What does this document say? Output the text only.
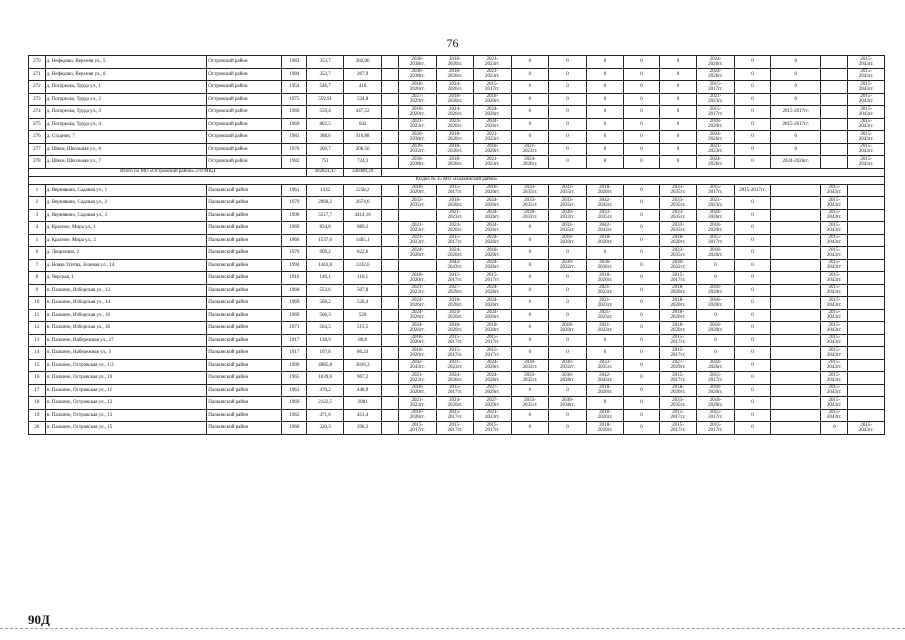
76
270	д. Нефедово, Верхняя ул., 5	Островский район	1983	353,7	282,96		2036-
2038гг.	2018-
2020гг.	2021-
2023гг.	0	0	0	0	0	2024-
2026гг.	0	0		2015-
2043гг.
271	д. Нефедово, Верхняя ул., 8	Островский район	1984	353,7	267,9		2036-
2038гг.	2018-
2020гг.	2021-
2023гг.	0	0	0	0	0	2024-
2026гг.	0	0		2015-
2043гг.
272	д. Погорелка, Труда ул., 1	Островский район	1954	546,7	410		2018-
2020гг.	2024-
2026гг.	2015-
2017гг.	0	0	0	0	0	2015-
2017гг.	0	0		2015-
2043гг.
273	д. Погорелка, Труда ул., 2	Островский район	1975	559,91	524,8		2027-
2029гг.	2018-
2020гг.	2018-
2020гг.	0	0	0	0	0	2021-
2023гг.	0	0		2015-
2043гг.
274	д. Погорелка, Труда ул., 3	Островский район	1969	559,4	447,52		2018-
2020гг.	2024-
2026гг.	2024-
2026гг.	0	0	0	0	0	2015-
2017гг.	0	2015-2017гг.		2015-
2043гг.
275	д. Погорелка, Труда ул., 4	Островский район	1969	802,5	642		2021-
2023гг.	2024-
2026гг.	2024-
2026гг.	0	0	0	0	0	2018-
2020гг.	0	2015-2017гг.		2015-
2043гг.
276	д. Стадник, 7	Островский район	1983	388,6	310,88		2036-
2038гг.	2018-
2020гг.	2021-
2023гг.	0	0	0	0	0	2024-
2026гг.	0	0		2015-
2043гг.
277	д. Шики, Школьная ул., 6	Островский район	1976	260,7	208,56		2030-
2032гг.	2018-
2020гг.	2018-
2020гг.	2021-
2023гг.	0	0	0	0	2021-
2023гг.	0	0		2015-
2043гг.
278	д. Шики, Школьная ул., 7	Островский район	1982	751	724,3		2036-
2038гг.	2018-
2020гг.	2021-
2023гг.	2024-
2026гг.	0	0	0	0	2024-
2026гг.	0	2024-2026гг.		2015-
2043гг.
Итого по МО «Островский район» 278 МКД				402831,47	346980,29														
Раздел № 15 МО «Палкинский район»																			
1	д. Вернявино, Садовая ул., 1	Палкинский район	1961	1332	1258,2		2018-
2020гг.	2015-
2017гг.	2018-
2020гг.	2033-
2035гг.	2033-
2035гг.	2018-
2020гг.	0	2033-
2035гг.	2015-
2017гг.	2015-2017гг.		2015-
2043гг.	
2	д. Вернявино, Садовая ул., 2	Палкинский район	1979	2960,2	2674,6		2033-
2035гг.	2018-
2020гг.	2024-
2026гг.	2033-
2035гг.	2033-
2035гг.	2042-
2043гг.	0	2033-
2035гг.	2021-
2023гг.	0		2015-
2043гг.	
3	д. Вернявино, Садовая ул., 3	Палкинский район	1990	5517,7	4414,16			2021-
2023гг.	2024-
2026гг.	2030-
2032гг.	2030-
2032гг.	2033-
2035гг.	0	2033-
2035гг.	2024-
2026гг.	0		2015-
2043гг.	
4	д. Красное, Мира ул., 1	Палкинский район	1969	834,8	689,2		2021-
2023гг.	2024-
2026гг.	2024-
2026гг.	0	2033-
2035гг.	2042-
2043гг.	0	2033-
2035гг.	2018-
2020гг.	0		2015-
2043гг.	
5	д. Красное, Мира ул., 2	Палкинский район	1966	1537,6	1405,1		2021-
2023гг.	2015-
2017гг.	2024-
2026гг.	0	2018-
2020гг.	2018-
2020гг.	0	2018-
2020гг.	2015-
2017гг.	0		2015-
2043гг.	
6	д. Лещихино, 2	Палкинский район	1970	669,2	622,6		2024-
2026гг.	2024-
2026гг.	2018-
2020гг.	0	0	0	0	2033-
2035гг.	2018-
2020гг.	0		2015-
2043гг.	
7	д. Новая Уситва, Зеленая ул., 14	Палкинский район	1994	1443,8	1332,6			2042-
2043гг.	2024-
2026гг.	0	2030-
2032гг.	2036-
2038гг.	0	2030-
2032гг.	0	0		2015-
2043гг.	
8	д. Черская, 1	Палкинский район	1916	140,1	116,1		2018-
2020гг.	2015-
2017гг.	2015-
2017гг.	0	0	2018-
2020гг.	0	2015-
2017гг.	0	0		2015-
2043гг.	
9	п. Палкино, Изборская ул., 12	Палкинский район	1968	553,6	507,8		2021-
2023гг.	2027-
2029гг.	2024-
2026гг.	0	0	2021-
2023гг.	0	2018-
2020гг.	2018-
2020гг.	0		2015-
2043гг.	
10	п. Палкино, Изборская ул., 14	Палкинский район	1969	566,2	520,4		2024-
2026гг.	2018-
2020гг.	2024-
2026гг.	0	0	2021-
2023гг.	0	2018-
2020гг.	2018-
2020гг.	0		2015-
2043гг.	
11	п. Палкино, Изборская ул., 16	Палкинский район	1969	566,3	520		2024-
2026гг.	2024-
2026гг.	2024-
2026гг.	0	0	2021-
2023гг.	0	2018-
2020гг.	0	0		2015-
2043гг.	
12	п. Палкино, Изборская ул., 18	Палкинский район	1971	564,5	515,5		2024-
2026гг.	2018-
2020гг.	2018-
2020гг.	0	2018-
2020гг.	2021-
2023гг.	0	2018-
2020гг.	2018-
2020гг.	0		2015-
2043гг.	
13	п. Палкино, Набережная ул., 17	Палкинский район	1917	138,9	80,8		2018-
2020гг.	2015-
2017гг.	2015-
2017гг.	0	0	0	0	2015-
2017гг.	0	0		2015-
2043гг.	
14	п. Палкино, Набережная ул., 3	Палкинский район	1917	107,8	86,24		2018-
2020гг.	2015-
2017гг.	2015-
2017гг.	0	0	0	0	2015-
2017гг.	0	0		2015-
2043гг.	
15	п. Палкино, Островская ул., 1/2	Палкинский район	1990	4085,8	3816,3		2042-
2043гг.	2021-
2023гг.	2024-
2026гг.	2030-
2032гг.	2030-
2032гг.	2033-
2035гг.	0	2027-
2029гг.	2024-
2026гг.	0		2015-
2043гг.	
16	п. Палкино, Островская ул., 10	Палкинский район	1965	1039,6	967,2		2021-
2023гг.	2024-
2026гг.	2024-
2026гг.	2033-
2035гг.	2036-
2038гг.	2042-
2043гг.	0	2015-
2017гг.	2015-
2017гг.	0		2015-
2043гг.	
17	п. Палкино, Островская ул., 11	Палкинский район	1963	470,2	448,9		2018-
2020гг.	2015-
2017гг.	2027-
2029гг.	0	0	2018-
2020гг.	0	2018-
2020гг.	2018-
2020гг.	0		2015-
2043гг.	
18	п. Палкино, Островская ул., 12	Палкинский район	1969	2122,5	2081		2021-
2023гг.	2024-
2026гг.	2027-
2029гг.	2033-
2035гг.	2036-
2038гг.	0	0	2033-
2035гг.	2018-
2020гг.	0		2015-
2043гг.	
19	п. Палкино, Островская ул., 13	Палкинский район	1962	471,6	451,4		2018-
2020гг.	2015-
2017гг.	2021-
2023гг.	0	0	2018-
2020гг.	0	2015-
2017гг.	2015-
2017гг.	0		2015-
2043гг.	
20	п. Палкино, Островская ул., 15	Палкинский район	1960	320,3	296,3		2015-
2017гг.	2015-
2017гг.	2015-
2017гг.	0	0	2018-
2020гг.	0	2015-
2017гг.	2015-
2017гг.	0		0	2015-
2043гг.
90Д
